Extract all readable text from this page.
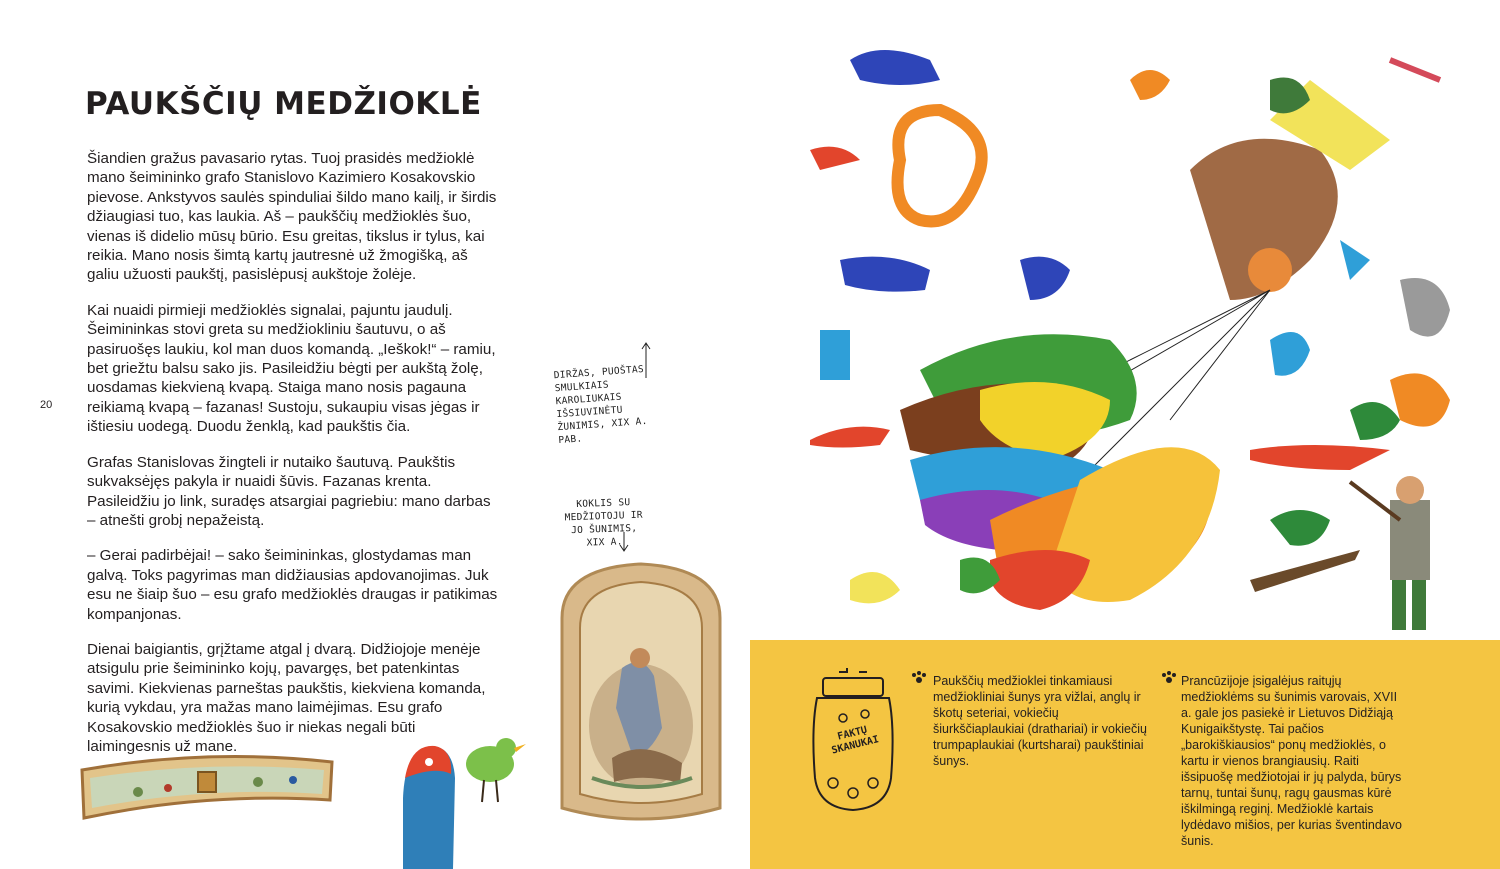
PAUKŠČIŲ MEDŽIOKLĖ

Šiandien gražus pavasario rytas. Tuoj prasidės medžioklė mano šeimininko grafo Stanislovo Kazimiero Kosakovskio pievose. Ankstyvos saulės spinduliai šildo mano kailį, ir širdis džiaugiasi tuo, kas laukia. Aš – paukščių medžioklės šuo, vienas iš didelio mūsų būrio. Esu greitas, tikslus ir tylus, kai reikia. Mano nosis šimtą kartų jautresnė už žmogišką, aš galiu užuosti paukštį, pasislėpusį aukštoje žolėje.

Kai nuaidi pirmieji medžioklės signalai, pajuntu jaudulį. Šeimininkas stovi greta su medžiokliniu šautuvu, o aš pasiruošęs laukiu, kol man duos komandą. „Ieškok!“ – ramiu, bet griežtu balsu sako jis. Pasileidžiu bėgti per aukštą žolę, uosdamas kiekvieną kvapą. Staiga mano nosis pagauna reikiamą kvapą – fazanas! Sustoju, sukaupiu visas jėgas ir ištiesiu uodegą. Duodu ženklą, kad paukštis čia.

Grafas Stanislovas žingteli ir nutaiko šautuvą. Paukštis sukvaksėjęs pakyla ir nuaidi šūvis. Fazanas krenta. Pasileidžiu jo link, suradęs atsargiai pagriebiu: mano darbas – atnešti grobį nepažeistą.

– Gerai padirbėjai! – sako šeimininkas, glostydamas man galvą. Toks pagyrimas man didžiausias apdovanojimas. Juk esu ne šiaip šuo – esu grafo medžioklės draugas ir patikimas kompanjonas.

Dienai baigiantis, grįžtame atgal į dvarą. Didžiojoje menėje atsigulu prie šeimininko kojų, pavargęs, bet patenkintas savimi. Kiekvienas parneštas paukštis, kiekviena komanda, kurią vykdau, yra mažas mano laimėjimas. Esu grafo Kosakovskio medžioklės šuo ir niekas negali būti laimingesnis už mane.

20
DIRŽAS, PUOŠTAS SMULKIAIS KAROLIUKAIS IŠSIUVINĖTU ŽUNIMIS, XIX A. PAB.
KOKLIS SU MEDŽIOTOJU IR JO ŠUNIMIS, XIX A.
FAKTŲ SKANUKAI
Paukščių medžioklei tinkamiausi medžiokliniai šunys yra vižlai, anglų ir škotų seteriai, vokiečių šiurkščiaplaukiai (drathariai) ir vokiečių trumpaplaukiai (kurtsharai) paukštiniai šunys.
Prancūzijoje įsigalėjus raitųjų medžioklėms su šunimis varovais, XVII a. gale jos pasiekė ir Lietuvos Didžiąją Kunigaikštystę. Tai pačios „barokiškiausios“ ponų medžioklės, o kartu ir vienos brangiausių. Raiti išsipuošę medžiotojai ir jų palyda, būrys tarnų, tuntai šunų, ragų gausmas kūrė iškilmingą reginį. Medžioklė kartais lydėdavo mišios, per kurias šventindavo šunis.
